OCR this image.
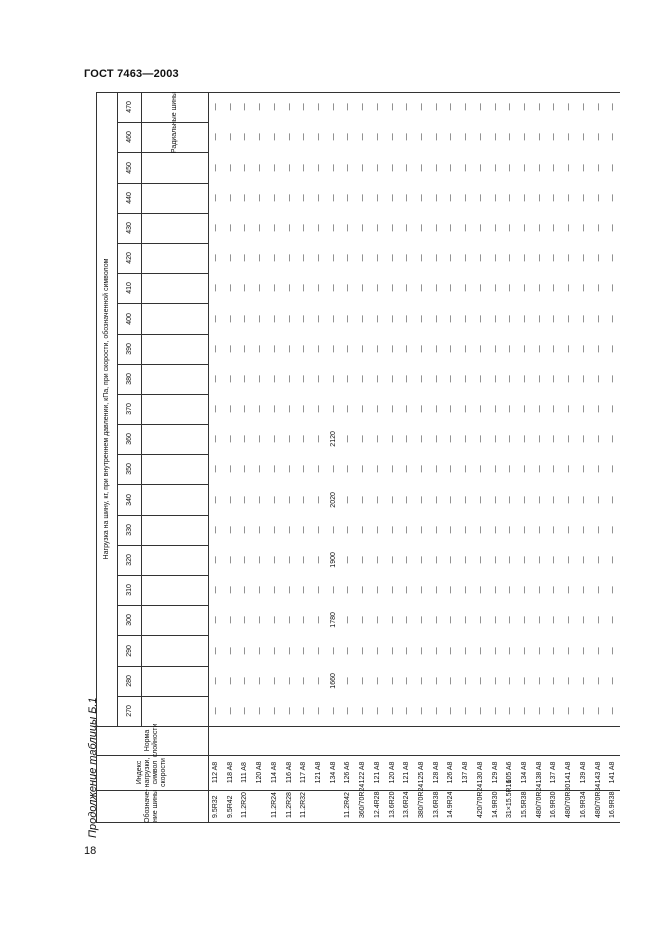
ГОСТ 7463—2003
18
Продолжение таблицы Б.1
Нагрузка на шину, кг, при внутреннем давлении, кПа, при скорости, обозначенной символом
Обозначе-
ние шины
Индекс нагрузки,
символ скорости
Норма слойности
270
280
290
300
310
320
330
340
350
360
370
380
390
400
410
420
430
440
450
460
470	Радиальные шины
9.5R32
112 A8
—
—
—
—
—
—
—
—
—
—
—
—
—
—
—
—
—
—
—
—
—
9.5R42
118 A8
—
—
—
—
—
—
—
—
—
—
—
—
—
—
—
—
—
—
—
—
—
11.2R20
111 A8
—
—
—
—
—
—
—
—
—
—
—
—
—
—
—
—
—
—
—
—
—
120 A8
—
—
—
—
—
—
—
—
—
—
—
—
—
—
—
—
—
—
—
—
—
11.2R24
114 A8
—
—
—
—
—
—
—
—
—
—
—
—
—
—
—
—
—
—
—
—
—
11.2R28
116 A8
—
—
—
—
—
—
—
—
—
—
—
—
—
—
—
—
—
—
—
—
—
11.2R32
117 A8
—
—
—
—
—
—
—
—
—
—
—
—
—
—
—
—
—
—
—
—
—
121 A8
—
—
—
—
—
—
—
—
—
—
—
—
—
—
—
—
—
—
—
—
—
134 A8
—
1660
—
1780
—
1900
—
2020
—
2120
—
—
—
—
—
—
—
—
—
—
—
11.2R42
126 A6
—
—
—
—
—
—
—
—
—
—
—
—
—
—
—
—
—
—
—
—
—
360/70R24
122 A8
—
—
—
—
—
—
—
—
—
—
—
—
—
—
—
—
—
—
—
—
—
12.4R28
121 A8
—
—
—
—
—
—
—
—
—
—
—
—
—
—
—
—
—
—
—
—
—
13.6R20
120 A8
—
—
—
—
—
—
—
—
—
—
—
—
—
—
—
—
—
—
—
—
—
13.6R24
121 A8
—
—
—
—
—
—
—
—
—
—
—
—
—
—
—
—
—
—
—
—
—
380/70R24
125 A8
—
—
—
—
—
—
—
—
—
—
—
—
—
—
—
—
—
—
—
—
—
13.6R38
128 A8
—
—
—
—
—
—
—
—
—
—
—
—
—
—
—
—
—
—
—
—
—
14.9R24
126 A8
—
—
—
—
—
—
—
—
—
—
—
—
—
—
—
—
—
—
—
—
—
137 A8
—
—
—
—
—
—
—
—
—
—
—
—
—
—
—
—
—
—
—
—
—
420/70R24
130 A8
—
—
—
—
—
—
—
—
—
—
—
—
—
—
—
—
—
—
—
—
—
14.9R30
129 A8
—
—
—
—
—
—
—
—
—
—
—
—
—
—
—
—
—
—
—
—
—
31×15.5R16
105 A6
—
—
—
—
—
—
—
—
—
—
—
—
—
—
—
—
—
—
—
—
—
15.5R38
134 A8
—
—
—
—
—
—
—
—
—
—
—
—
—
—
—
—
—
—
—
—
—
480/70R24
138 A8
—
—
—
—
—
—
—
—
—
—
—
—
—
—
—
—
—
—
—
—
—
16.9R30
137 A8
—
—
—
—
—
—
—
—
—
—
—
—
—
—
—
—
—
—
—
—
—
480/70R30
141 A8
—
—
—
—
—
—
—
—
—
—
—
—
—
—
—
—
—
—
—
—
—
16.9R34
139 A8
—
—
—
—
—
—
—
—
—
—
—
—
—
—
—
—
—
—
—
—
—
480/70R34
143 A8
—
—
—
—
—
—
—
—
—
—
—
—
—
—
—
—
—
—
—
—
—
16.9R38
141 A8
—
—
—
—
—
—
—
—
—
—
—
—
—
—
—
—
—
—
—
—
—
